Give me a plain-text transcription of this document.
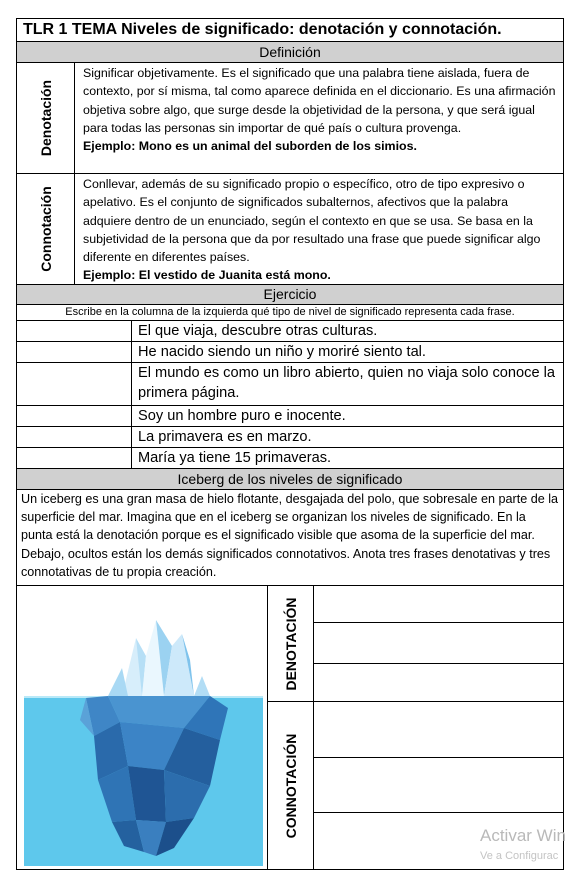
TLR 1 TEMA Niveles de significado: denotación y connotación.
Definición
Denotación
Significar objetivamente. Es el significado que una palabra tiene aislada, fuera de contexto, por sí misma, tal como aparece definida en el diccionario. Es una afirmación objetiva sobre algo, que surge desde la objetividad de la persona, y que será igual para todas las personas sin importar de qué país o cultura provenga.
Ejemplo: Mono es un animal del suborden de los simios.
Connotación
Conllevar, además de su significado propio o específico, otro de tipo expresivo o apelativo. Es el conjunto de significados subalternos, afectivos que la palabra adquiere dentro de un enunciado, según el contexto en que se usa. Se basa en la subjetividad de la persona que da por resultado una frase que puede significar algo diferente en diferentes países.
Ejemplo: El vestido de Juanita está mono.
Ejercicio
Escribe en la columna de la izquierda qué tipo de nivel de significado representa cada frase.
El que viaja, descubre otras culturas.
He nacido siendo un niño y moriré siento tal.
El mundo es como un libro abierto, quien no viaja solo conoce la primera página.
Soy un hombre puro e inocente.
La primavera es en marzo.
María ya tiene 15 primaveras.
Iceberg de los niveles de significado
Un iceberg es una gran masa de hielo flotante, desgajada del polo, que sobresale en parte de la superficie del mar. Imagina que en el iceberg se organizan los niveles de significado. En la punta está la denotación porque es el significado visible que asoma de la superficie del mar. Debajo, ocultos están los demás significados connotativos. Anota tres frases denotativas y tres connotativas de tu propia creación.
DENOTACIÓN
CONNOTACIÓN	Activar Win
Ve a Configurac
